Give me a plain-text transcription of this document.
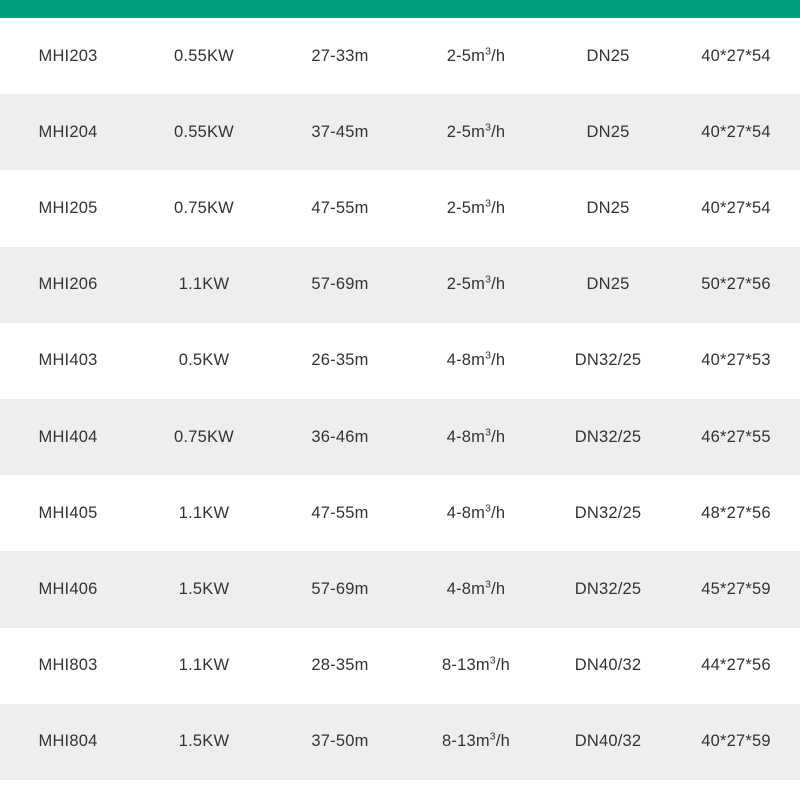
MHI203	0.55KW	27-33m	$2-5m^3/h$	DN25	40*27*54
MHI204	0.55KW	37-45m	$2-5m^3/h$	DN25	40*27*54
MHI205	0.75KW	47-55m	$2-5m^3/h$	DN25	40*27*54
MHI206	1.1KW	57-69m	$2-5m^3/h$	DN25	50*27*56
MHI403	0.5KW	26-35m	$4-8m^3/h$	DN32/25	40*27*53
MHI404	0.75KW	36-46m	$4-8m^3/h$	DN32/25	46*27*55
MHI405	1.1KW	47-55m	$4-8m^3/h$	DN32/25	48*27*56
MHI406	1.5KW	57-69m	$4-8m^3/h$	DN32/25	45*27*59
MHI803	1.1KW	28-35m	$8-13m^3/h$	DN40/32	44*27*56
MHI804	1.5KW	37-50m	$8-13m^3/h$	DN40/32	40*27*59
